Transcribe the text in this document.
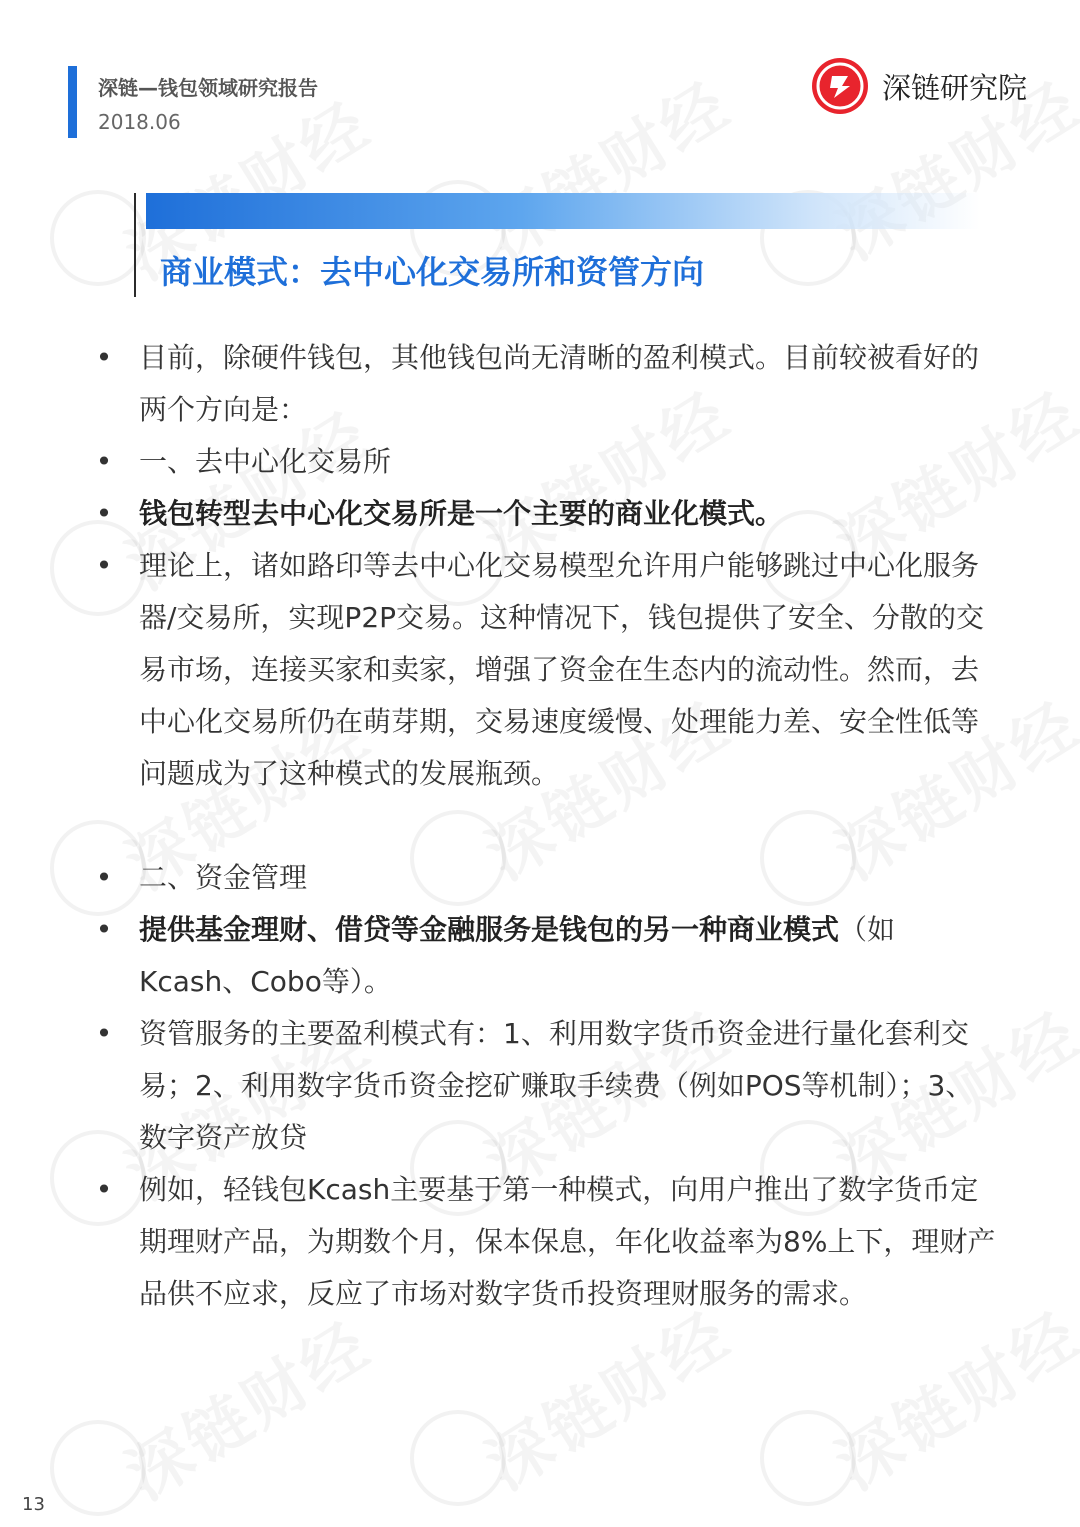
深链—钱包领域研究报告
2018.06
深链研究院
商业模式：去中心化交易所和资管方向

• 目前，除硬件钱包，其他钱包尚无清晰的盈利模式。目前较被看好的两个方向是：

• 一、去中心化交易所

• 钱包转型去中心化交易所是一个主要的商业化模式。

• 理论上，诸如路印等去中心化交易模型允许用户能够跳过中心化服务器/交易所，实现P2P交易。这种情况下，钱包提供了安全、分散的交易市场，连接买家和卖家，增强了资金在生态内的流动性。然而，去中心化交易所仍在萌芽期，交易速度缓慢、处理能力差、安全性低等问题成为了这种模式的发展瓶颈。

• 二、资金管理

• 提供基金理财、借贷等金融服务是钱包的另一种商业模式（如Kcash、Cobo等）。

• 资管服务的主要盈利模式有：1、利用数字货币资金进行量化套利交易；2、利用数字货币资金挖矿赚取手续费（例如POS等机制）；3、数字资产放贷

• 例如，轻钱包Kcash主要基于第一种模式，向用户推出了数字货币定期理财产品，为期数个月，保本保息，年化收益率为8%上下，理财产品供不应求，反应了市场对数字货币投资理财服务的需求。

13
